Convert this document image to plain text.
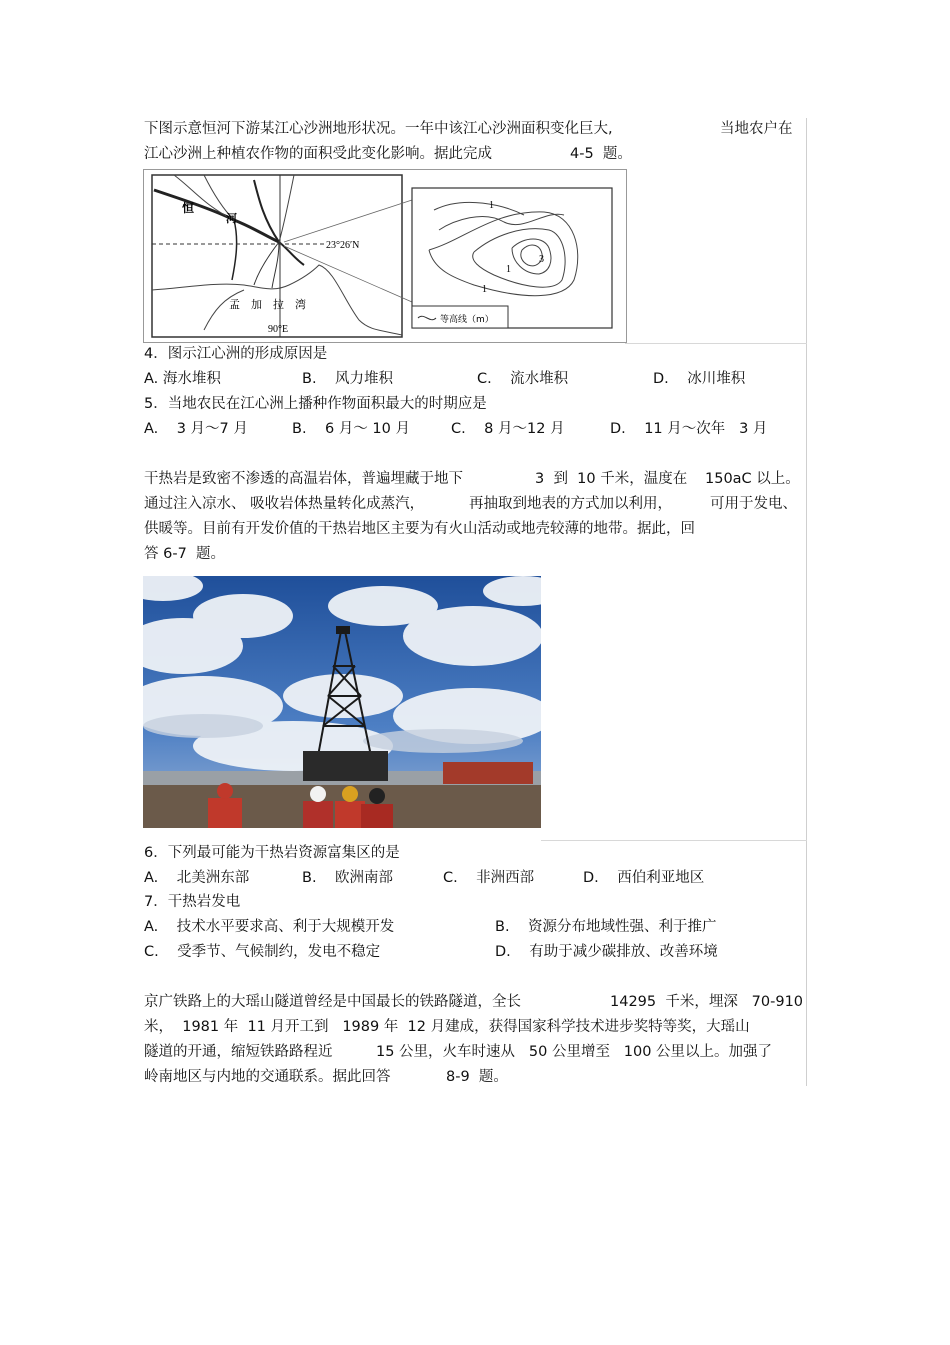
下图示意恒河下游某江心沙洲地形状况。一年中该江心沙洲面积变化巨大,	当地农户在
江心沙洲上种植农作物的面积受此变化影响。据此完成	4-5  题。
23°26′N
恒
河
孟 加 拉 湾
90°E
1
1
3
1
等高线（m）
4．图示江心洲的形成原因是
A. 海水堆积	B.    风力堆积	C.    流水堆积	D.    冰川堆积
5．当地农民在江心洲上播种作物面积最大的时期应是
A.    3 月～7 月	B.    6 月～ 10 月	C.    8 月～12 月	D.    11 月～次年   3 月
干热岩是致密不渗透的高温岩体，普遍埋藏于地下	3  到  10 千米，温度在 150aC 以上。
通过注入凉水、 吸收岩体热量转化成蒸汽，	再抽取到地表的方式加以利用，	可用于发电、
供暖等。目前有开发价值的干热岩地区主要为有火山活动或地壳较薄的地带。据此，回
答 6-7  题。
6．下列最可能为干热岩资源富集区的是
A.    北美洲东部	B.    欧洲南部	C.    非洲西部	D.    西伯利亚地区
7．干热岩发电
A.    技术水平要求高、利于大规模开发	B.    资源分布地域性强、利于推广
C.    受季节、气候制约，发电不稳定	D.    有助于减少碳排放、改善环境
京广铁路上的大瑶山隧道曾经是中国最长的铁路隧道，全长	14295  千米，埋深   70-910
米，  1981 年  11 月开工到   1989 年  12 月建成，获得国家科学技术进步奖特等奖，大瑶山
隧道的开通，缩短铁路路程近	15 公里，火车时速从   50 公里增至   100 公里以上。加强了
岭南地区与内地的交通联系。据此回答	8-9  题。
